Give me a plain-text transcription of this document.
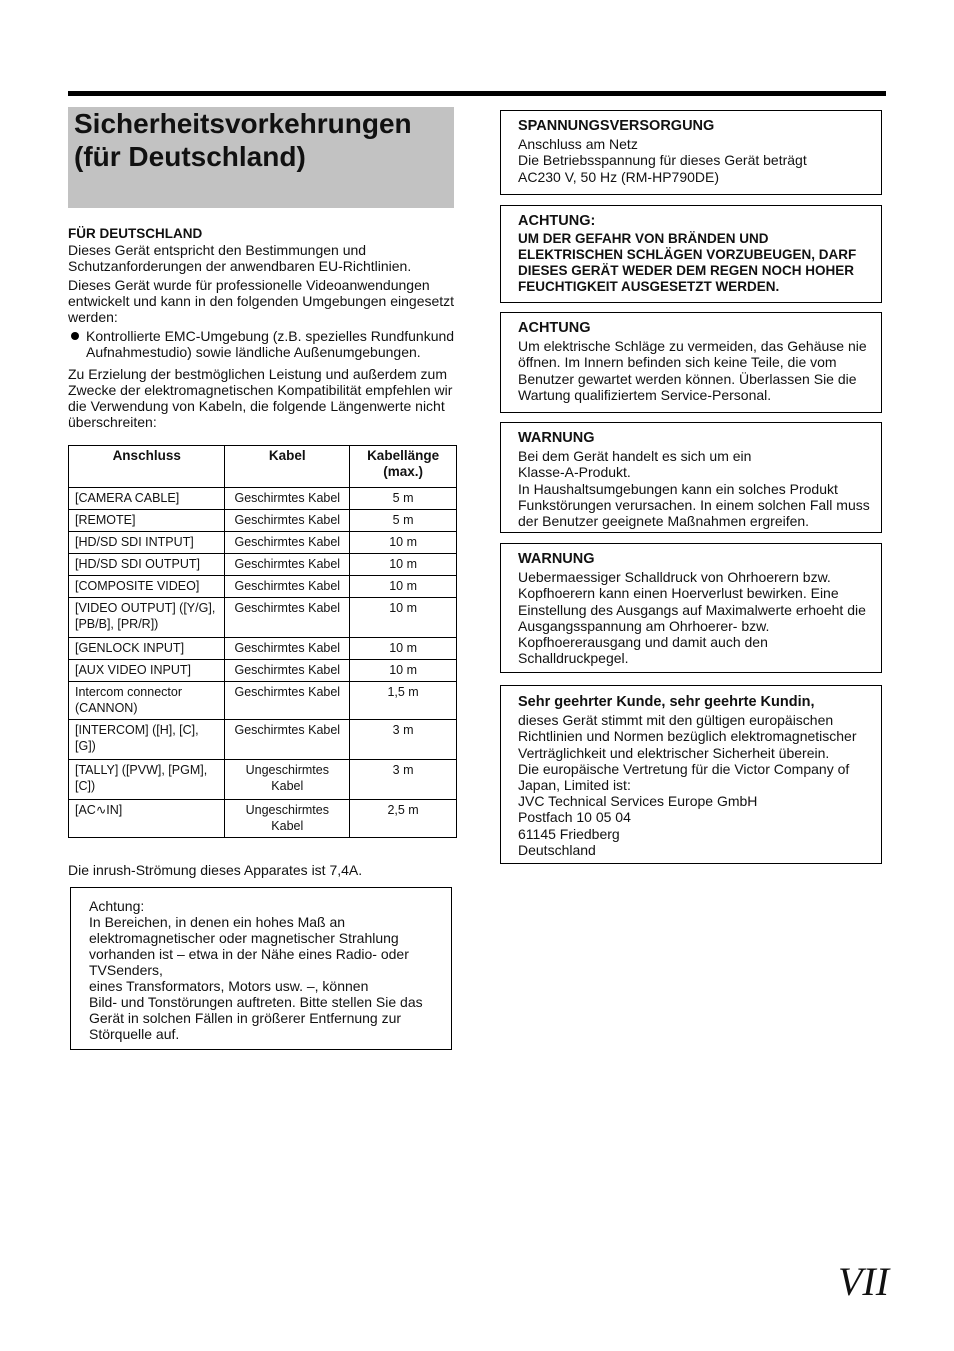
Sicherheitsvorkehrungen
(für Deutschland)

FÜR DEUTSCHLAND

Dieses Gerät entspricht den Bestimmungen und Schutzanforderungen der anwendbaren EU-Richtlinien.

Dieses Gerät wurde für professionelle Videoanwendungen entwickelt und kann in den folgenden Umgebungen eingesetzt werden:

Kontrollierte EMC-Umgebung (z.B. spezielles Rundfunkund Aufnahmestudio) sowie ländliche Außenumgebungen.

Zu Erzielung der bestmöglichen Leistung und außerdem zum Zwecke der elektromagnetischen Kompatibilität empfehlen wir die Verwendung von Kabeln, die folgende Längenwerte nicht überschreiten:

Anschluss	Kabel	Kabellänge (max.)
[CAMERA CABLE]	Geschirmtes Kabel	5 m
[REMOTE]	Geschirmtes Kabel	5 m
[HD/SD SDI INTPUT]	Geschirmtes Kabel	10 m
[HD/SD SDI OUTPUT]	Geschirmtes Kabel	10 m
[COMPOSITE VIDEO]	Geschirmtes Kabel	10 m
[VIDEO OUTPUT] ([Y/G], [PB/B], [PR/R])	Geschirmtes Kabel	10 m
[GENLOCK INPUT]	Geschirmtes Kabel	10 m
[AUX VIDEO INPUT]	Geschirmtes Kabel	10 m
Intercom connector (CANNON)	Geschirmtes Kabel	1,5 m
[INTERCOM] ([H], [C], [G])	Geschirmtes Kabel	3 m
[TALLY] ([PVW], [PGM], [C])	Ungeschirmtes Kabel	3 m
[AC∿IN]	Ungeschirmtes Kabel	2,5 m

Die inrush-Strömung dieses Apparates ist 7,4A.

Achtung:

In Bereichen, in denen ein hohes Maß an elektromagnetischer oder magnetischer Strahlung vorhanden ist – etwa in der Nähe eines Radio- oder TVSenders,

eines Transformators, Motors usw. –, können

Bild- und Tonstörungen auftreten. Bitte stellen Sie das Gerät in solchen Fällen in größerer Entfernung zur Störquelle auf.

SPANNUNGSVERSORGUNG

Anschluss am Netz

Die Betriebsspannung für dieses Gerät beträgt

AC230 V, 50 Hz (RM-HP790DE)

ACHTUNG:

UM DER GEFAHR VON BRÄNDEN UND ELEKTRISCHEN SCHLÄGEN VORZUBEUGEN, DARF DIESES GERÄT WEDER DEM REGEN NOCH HOHER FEUCHTIGKEIT AUSGESETZT WERDEN.

ACHTUNG

Um elektrische Schläge zu vermeiden, das Gehäuse nie öffnen. Im Innern befinden sich keine Teile, die vom Benutzer gewartet werden können. Überlassen Sie die Wartung qualifiziertem Service-Personal.

WARNUNG

Bei dem Gerät handelt es sich um ein

Klasse-A-Produkt.

In Haushaltsumgebungen kann ein solches Produkt Funkstörungen verursachen. In einem solchen Fall muss der Benutzer geeignete Maßnahmen ergreifen.

WARNUNG

Uebermaessiger Schalldruck von Ohrhoerern bzw. Kopfhoerern kann einen Hoerverlust bewirken. Eine Einstellung des Ausgangs auf Maximalwerte erhoeht die Ausgangsspannung am Ohrhoerer- bzw. Kopfhoererausgang und damit auch den Schalldruckpegel.

Sehr geehrter Kunde, sehr geehrte Kundin,

dieses Gerät stimmt mit den gültigen europäischen Richtlinien und Normen bezüglich elektromagnetischer Verträglichkeit und elektrischer Sicherheit überein.

Die europäische Vertretung für die Victor Company of Japan, Limited ist:

JVC Technical Services Europe GmbH

Postfach 10 05 04

61145 Friedberg

Deutschland

VII
